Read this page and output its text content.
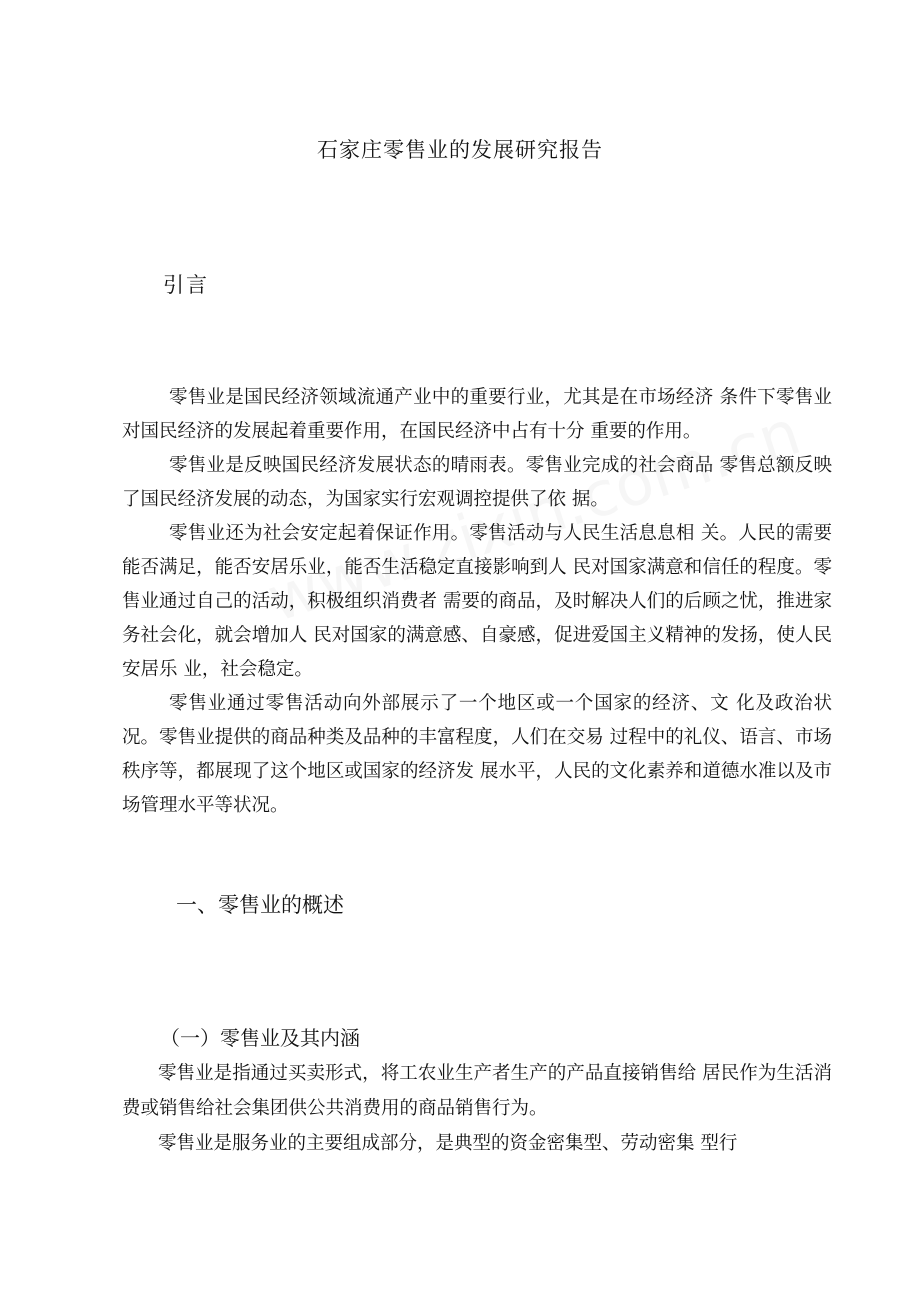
石家庄零售业的发展研究报告
引言

零售业是国民经济领域流通产业中的重要行业，尤其是在市场经济 条件下零售业对国民经济的发展起着重要作用，在国民经济中占有十分 重要的作用。

零售业是反映国民经济发展状态的晴雨表。零售业完成的社会商品 零售总额反映了国民经济发展的动态，为国家实行宏观调控提供了依 据。

零售业还为社会安定起着保证作用。零售活动与人民生活息息相 关。人民的需要能否满足，能否安居乐业，能否生活稳定直接影响到人 民对国家满意和信任的程度。零售业通过自己的活动，积极组织消费者 需要的商品，及时解决人们的后顾之忧，推进家务社会化，就会增加人 民对国家的满意感、自豪感，促进爱国主义精神的发扬，使人民安居乐 业，社会稳定。

零售业通过零售活动向外部展示了一个地区或一个国家的经济、文 化及政治状况。零售业提供的商品种类及品种的丰富程度，人们在交易 过程中的礼仪、语言、市场秩序等，都展现了这个地区或国家的经济发 展水平，人民的文化素养和道德水准以及市场管理水平等状况。

一、零售业的概述
（一）零售业及其内涵

零售业是指通过买卖形式，将工农业生产者生产的产品直接销售给 居民作为生活消费或销售给社会集团供公共消费用的商品销售行为。

零售业是服务业的主要组成部分，是典型的资金密集型、劳动密集 型行
